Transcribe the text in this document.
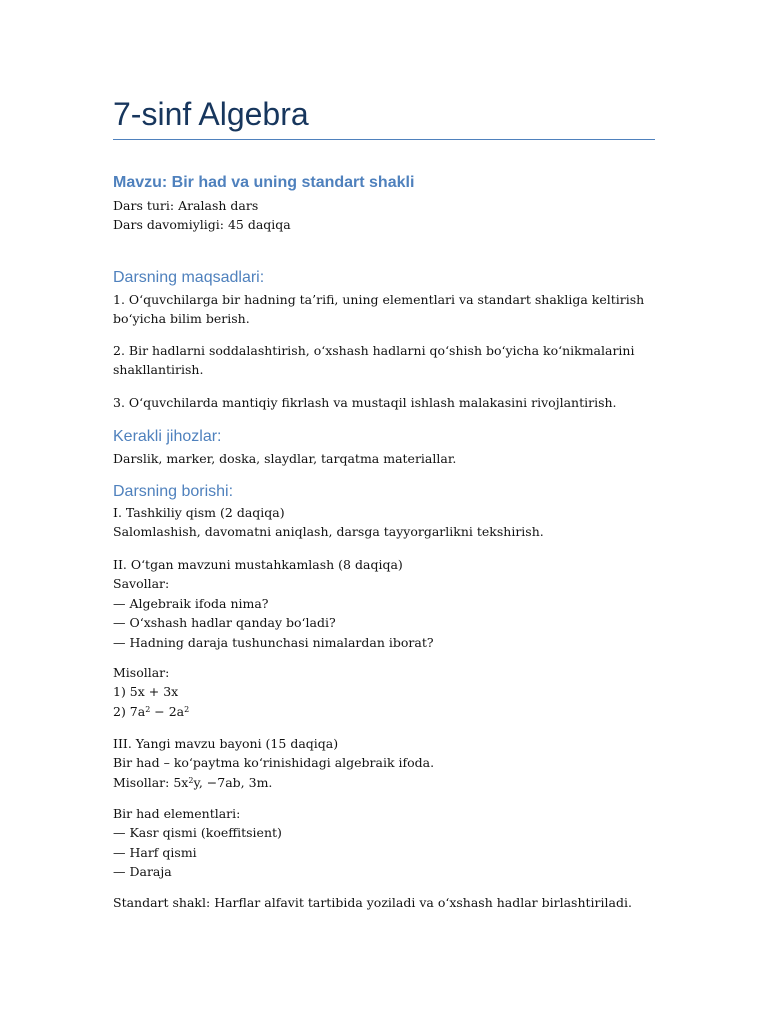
7-sinf Algebra
Mavzu: Bir had va uning standart shakli
Dars turi: Aralash dars
Dars davomiyligi: 45 daqiqa
Darsning maqsadlari:

1. O‘quvchilarga bir hadning ta’rifi, uning elementlari va standart shakliga keltirish bo‘yicha bilim berish.

2. Bir hadlarni soddalashtirish, o‘xshash hadlarni qo‘shish bo‘yicha ko‘nikmalarini shakllantirish.

3. O‘quvchilarda mantiqiy fikrlash va mustaqil ishlash malakasini rivojlantirish.

Kerakli jihozlar:
Darslik, marker, doska, slaydlar, tarqatma materiallar.
Darsning borishi:
I. Tashkiliy qism (2 daqiqa)
Salomlashish, davomatni aniqlash, darsga tayyorgarlikni tekshirish.
II. O‘tgan mavzuni mustahkamlash (8 daqiqa)
Savollar:
— Algebraik ifoda nima?
— O‘xshash hadlar qanday bo‘ladi?
— Hadning daraja tushunchasi nimalardan iborat?
Misollar:
1) 5x + 3x
2) $7a^2 - 2a^2$
III. Yangi mavzu bayoni (15 daqiqa)
Bir had – ko‘paytma ko‘rinishidagi algebraik ifoda.
Misollar: $5x^2y$, −7ab, 3m.
Bir had elementlari:
— Kasr qismi (koeffitsient)
— Harf qismi
— Daraja
Standart shakl: Harflar alfavit tartibida yoziladi va o‘xshash hadlar birlashtiriladi.
